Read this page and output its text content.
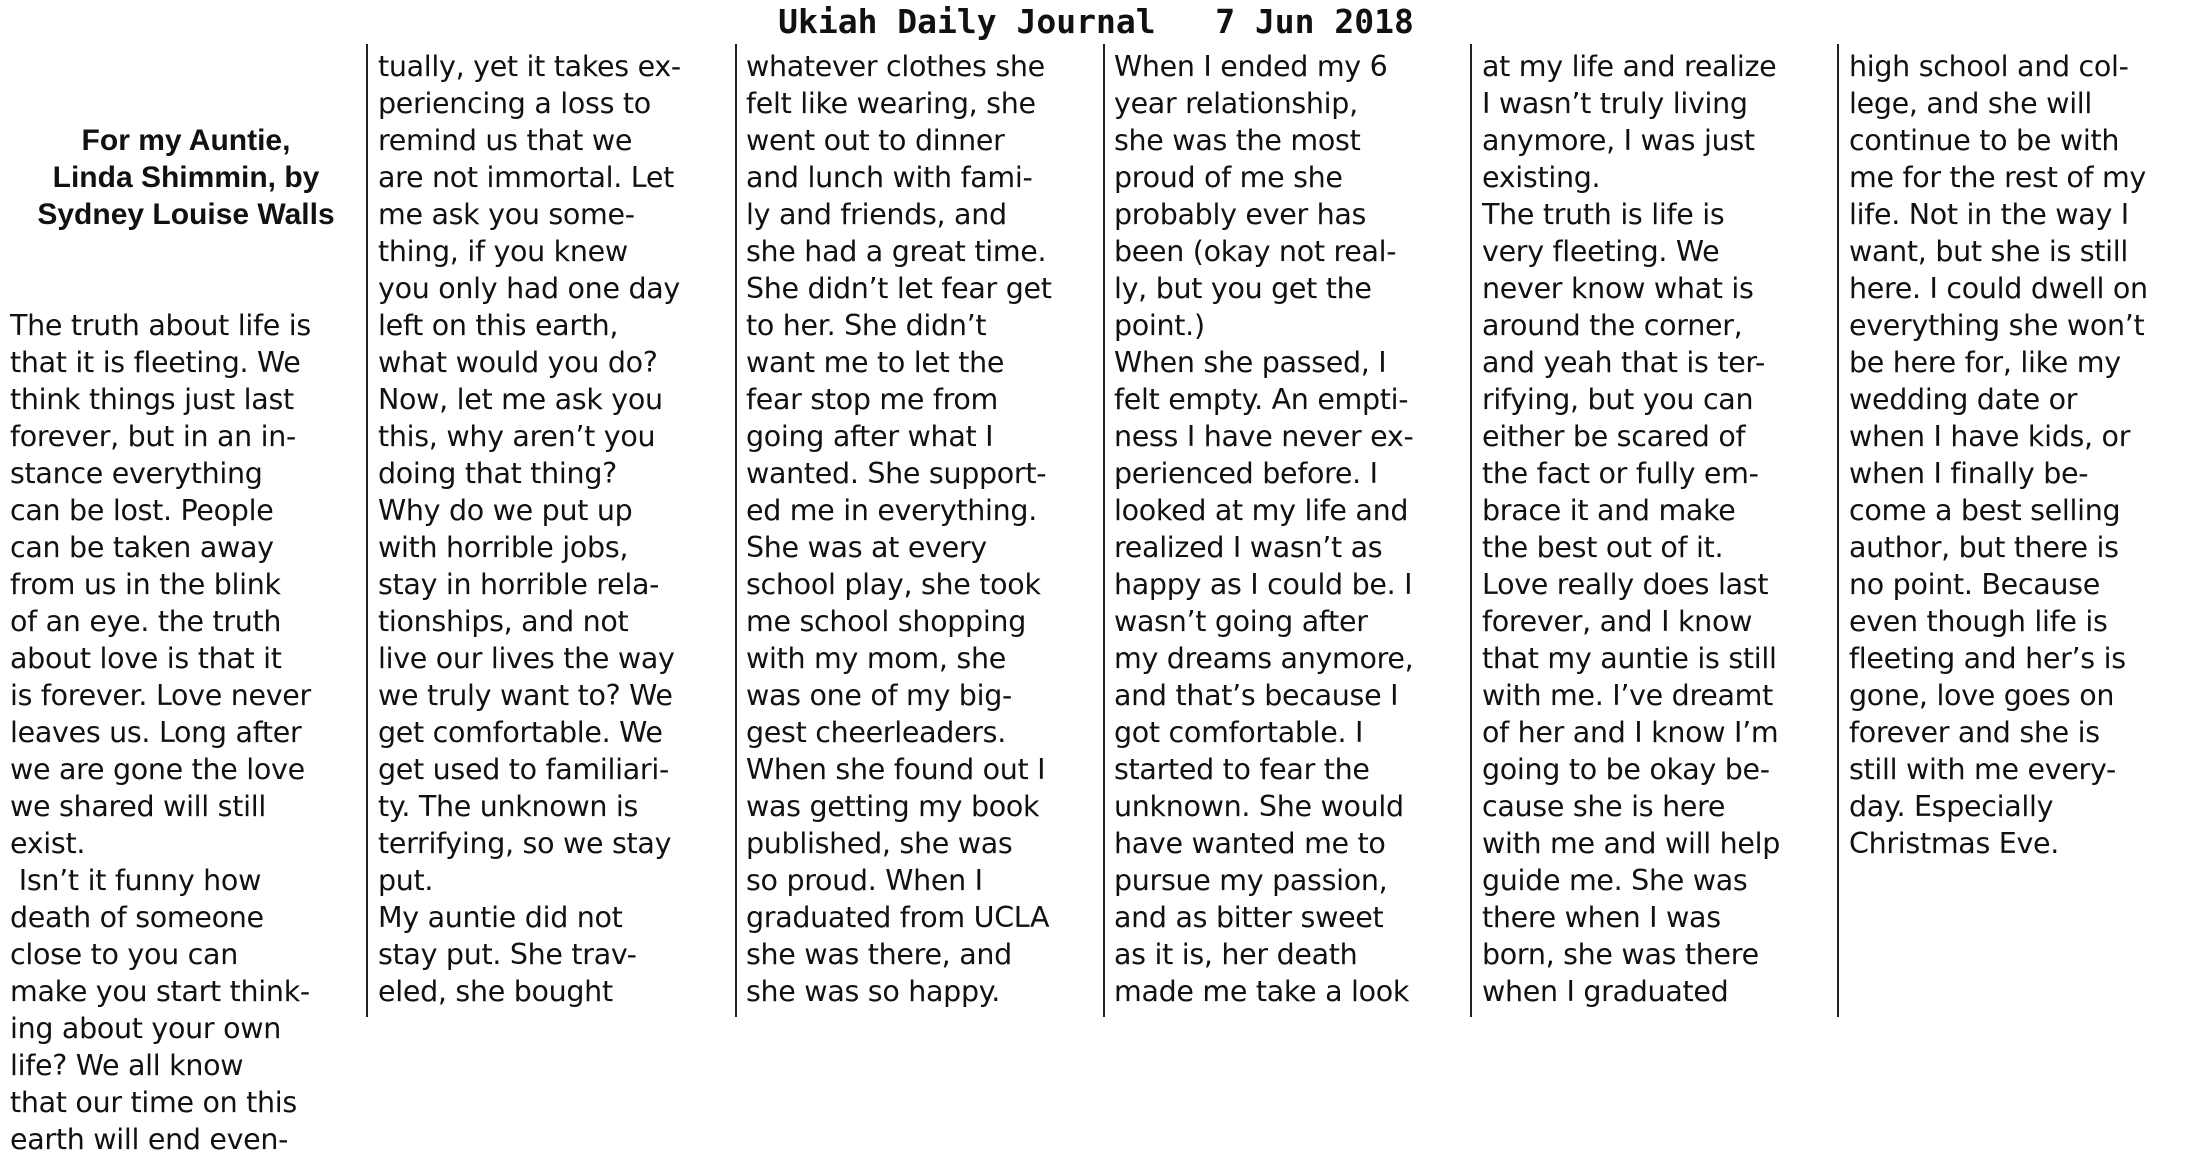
Ukiah Daily Journal 7 Jun 2018

For my Auntie,
Linda Shimmin, by
Sydney Louise Walls

The truth about life is
that it is fleeting. We
think things just last
forever, but in an in-
stance everything
can be lost. People
can be taken away
from us in the blink
of an eye. the truth
about love is that it
is forever. Love never
leaves us. Long after
we are gone the love
we shared will still
exist.
Isn’t it funny how
death of someone
close to you can
make you start think-
ing about your own
life? We all know
that our time on this
earth will end even-
tually, yet it takes ex-
periencing a loss to
remind us that we
are not immortal. Let
me ask you some-
thing, if you knew
you only had one day
left on this earth,
what would you do?
Now, let me ask you
this, why aren’t you
doing that thing?
Why do we put up
with horrible jobs,
stay in horrible rela-
tionships, and not
live our lives the way
we truly want to? We
get comfortable. We
get used to familiari-
ty. The unknown is
terrifying, so we stay
put.
My auntie did not
stay put. She trav-
eled, she bought
whatever clothes she
felt like wearing, she
went out to dinner
and lunch with fami-
ly and friends, and
she had a great time.
She didn’t let fear get
to her. She didn’t
want me to let the
fear stop me from
going after what I
wanted. She support-
ed me in everything.
She was at every
school play, she took
me school shopping
with my mom, she
was one of my big-
gest cheerleaders.
When she found out I
was getting my book
published, she was
so proud. When I
graduated from UCLA
she was there, and
she was so happy.
When I ended my 6
year relationship,
she was the most
proud of me she
probably ever has
been (okay not real-
ly, but you get the
point.)
When she passed, I
felt empty. An empti-
ness I have never ex-
perienced before. I
looked at my life and
realized I wasn’t as
happy as I could be. I
wasn’t going after
my dreams anymore,
and that’s because I
got comfortable. I
started to fear the
unknown. She would
have wanted me to
pursue my passion,
and as bitter sweet
as it is, her death
made me take a look
at my life and realize
I wasn’t truly living
anymore, I was just
existing.
The truth is life is
very fleeting. We
never know what is
around the corner,
and yeah that is ter-
rifying, but you can
either be scared of
the fact or fully em-
brace it and make
the best out of it.
Love really does last
forever, and I know
that my auntie is still
with me. I’ve dreamt
of her and I know I’m
going to be okay be-
cause she is here
with me and will help
guide me. She was
there when I was
born, she was there
when I graduated
high school and col-
lege, and she will
continue to be with
me for the rest of my
life. Not in the way I
want, but she is still
here. I could dwell on
everything she won’t
be here for, like my
wedding date or
when I have kids, or
when I finally be-
come a best selling
author, but there is
no point. Because
even though life is
fleeting and her’s is
gone, love goes on
forever and she is
still with me every-
day. Especially
Christmas Eve.
